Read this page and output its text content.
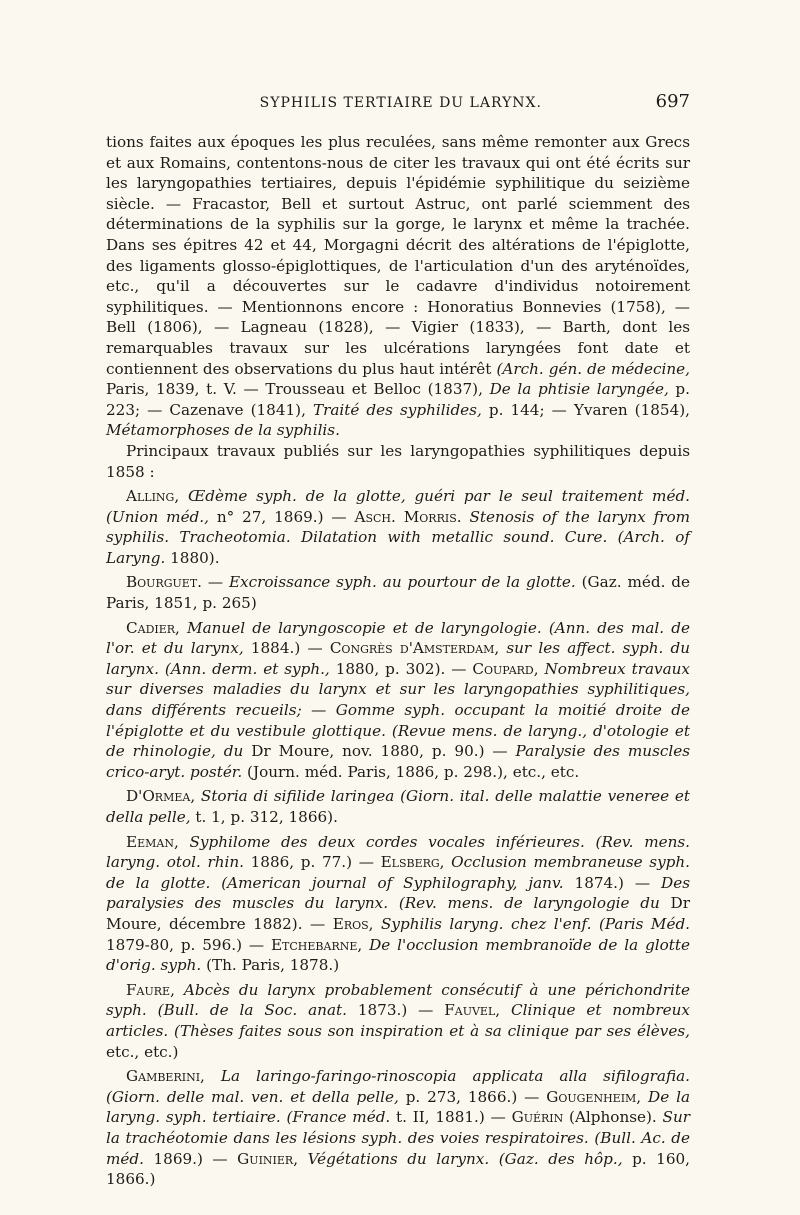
SYPHILIS TERTIAIRE DU LARYNX.	697

tions faites aux époques les plus reculées, sans même remonter aux Grecs et aux Romains, contentons-nous de citer les travaux qui ont été écrits sur les laryngopathies tertiaires, depuis l'épidémie syphilitique du seizième siècle. — Fracastor, Bell et surtout Astruc, ont parlé sciemment des déterminations de la syphilis sur la gorge, le larynx et même la trachée. Dans ses épitres 42 et 44, Morgagni décrit des altérations de l'épiglotte, des ligaments glosso-épiglottiques, de l'articulation d'un des aryténoïdes, etc., qu'il a découvertes sur le cadavre d'individus notoirement syphilitiques. — Mentionnons encore : Honoratius Bonnevies (1758), — Bell (1806), — Lagneau (1828), — Vigier (1833), — Barth, dont les remarquables travaux sur les ulcérations laryngées font date et contiennent des observations du plus haut intérêt (Arch. gén. de médecine, Paris, 1839, t. V. — Trousseau et Belloc (1837), De la phtisie laryngée, p. 223; — Cazenave (1841), Traité des syphilides, p. 144; — Yvaren (1854), Métamorphoses de la syphilis.

Principaux travaux publiés sur les laryngopathies syphilitiques depuis 1858 :

Alling, Œdème syph. de la glotte, guéri par le seul traitement méd. (Union méd., n° 27, 1869.) — Asch. Morris. Stenosis of the larynx from syphilis. Tracheotomia. Dilatation with metallic sound. Cure. (Arch. of Laryng. 1880).

Bourguet. — Excroissance syph. au pourtour de la glotte. (Gaz. méd. de Paris, 1851, p. 265)

Cadier, Manuel de laryngoscopie et de laryngologie. (Ann. des mal. de l'or. et du larynx, 1884.) — Congrès d'Amsterdam, sur les affect. syph. du larynx. (Ann. derm. et syph., 1880, p. 302). — Coupard, Nombreux travaux sur diverses maladies du larynx et sur les laryngopathies syphilitiques, dans différents recueils; — Gomme syph. occupant la moitié droite de l'épiglotte et du vestibule glottique. (Revue mens. de laryng., d'otologie et de rhinologie, du Dr Moure, nov. 1880, p. 90.) — Paralysie des muscles crico-aryt. postér. (Journ. méd. Paris, 1886, p. 298.), etc., etc.

D'Ormea, Storia di sifilide laringea (Giorn. ital. delle malattie veneree et della pelle, t. 1, p. 312, 1866).

Eeman, Syphilome des deux cordes vocales inférieures. (Rev. mens. laryng. otol. rhin. 1886, p. 77.) — Elsberg, Occlusion membraneuse syph. de la glotte. (American journal of Syphilography, janv. 1874.) — Des paralysies des muscles du larynx. (Rev. mens. de laryngologie du Dr Moure, décembre 1882). — Eros, Syphilis laryng. chez l'enf. (Paris Méd. 1879-80, p. 596.) — Etchebarne, De l'occlusion membranoïde de la glotte d'orig. syph. (Th. Paris, 1878.)

Faure, Abcès du larynx probablement consécutif à une périchondrite syph. (Bull. de la Soc. anat. 1873.) — Fauvel, Clinique et nombreux articles. (Thèses faites sous son inspiration et à sa clinique par ses élèves, etc., etc.)

Gamberini, La laringo-faringo-rinoscopia applicata alla sifilografia. (Giorn. delle mal. ven. et della pelle, p. 273, 1866.) — Gougenheim, De la laryng. syph. tertiaire. (France méd. t. II, 1881.) — Guérin (Alphonse). Sur la trachéotomie dans les lésions syph. des voies respiratoires. (Bull. Ac. de méd. 1869.) — Guinier, Végétations du larynx. (Gaz. des hôp., p. 160, 1866.)
